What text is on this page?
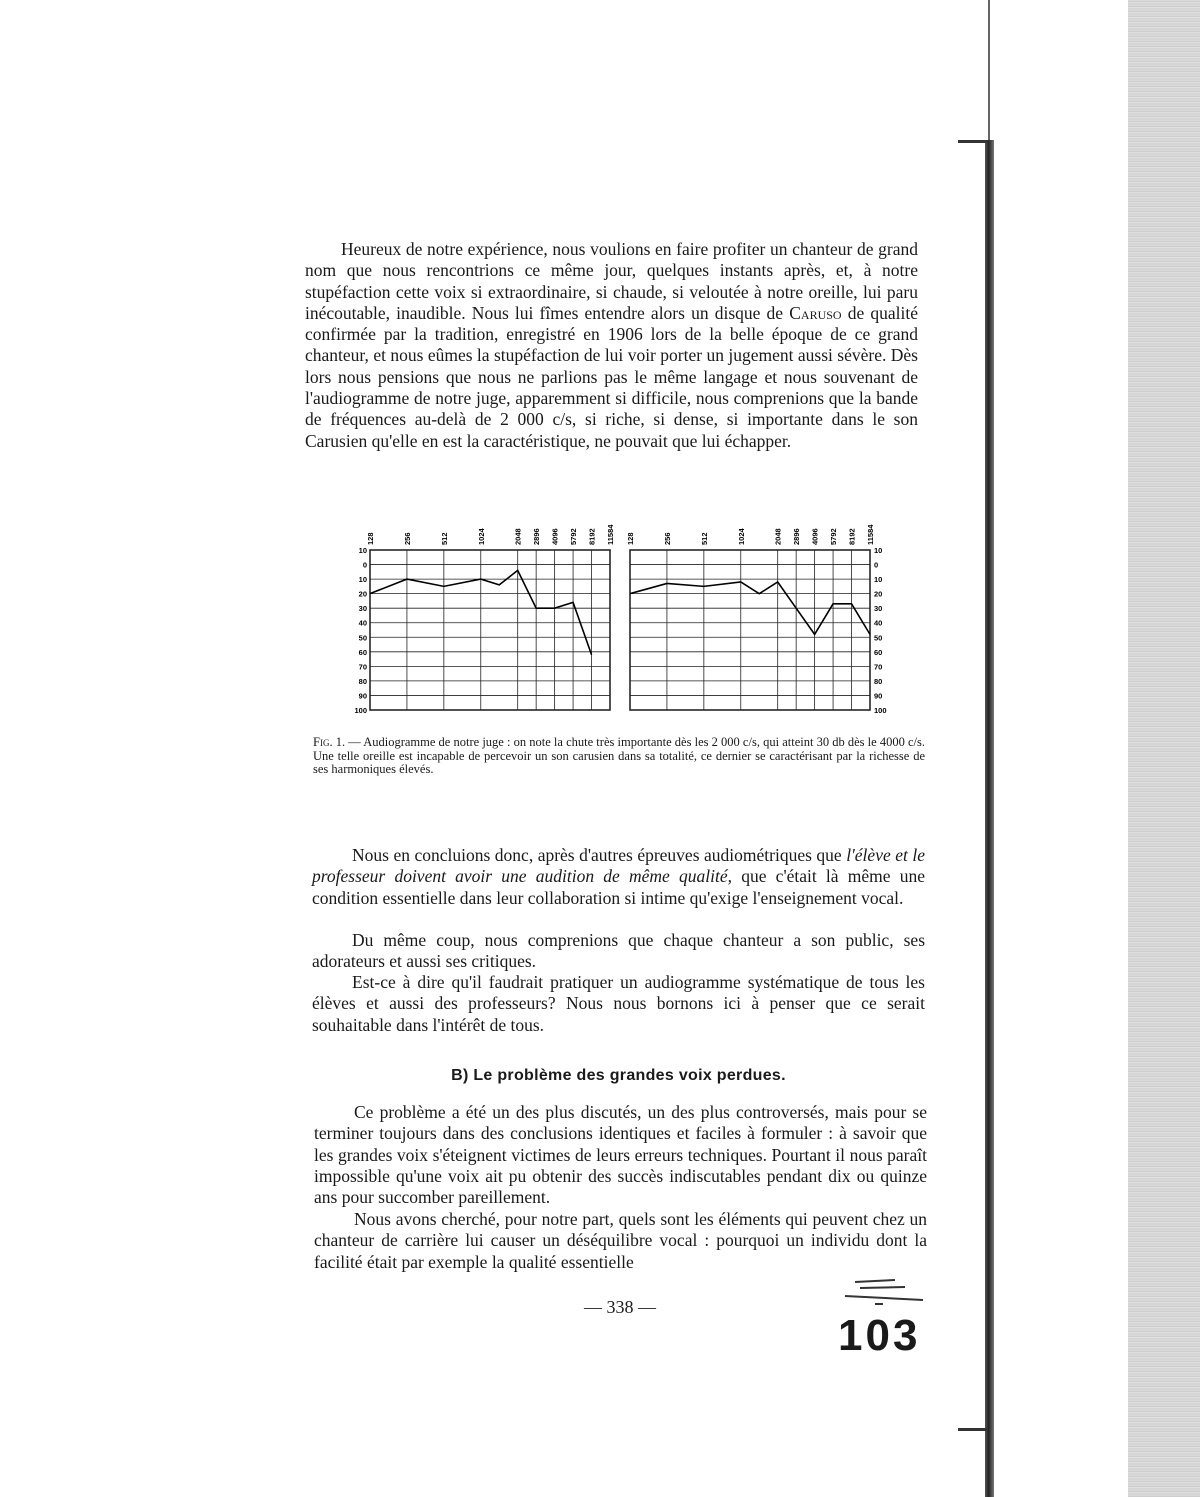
Heureux de notre expérience, nous voulions en faire profiter un chanteur de grand nom que nous rencontrions ce même jour, quelques instants après, et, à notre stupéfaction cette voix si extraordinaire, si chaude, si veloutée à notre oreille, lui paru inécoutable, inaudible. Nous lui fîmes entendre alors un disque de Caruso de qualité confirmée par la tradition, enregistré en 1906 lors de la belle époque de ce grand chanteur, et nous eûmes la stupéfaction de lui voir porter un jugement aussi sévère. Dès lors nous pensions que nous ne parlions pas le même langage et nous souvenant de l'audiogramme de notre juge, apparemment si difficile, nous comprenions que la bande de fréquences au-delà de 2 000 c/s, si riche, si dense, si importante dans le son Carusien qu'elle en est la caractéristique, ne pouvait que lui échapper.

10
0
10
20
30
40
50
60
70
80
90
100
128	256	512	1024	2048 2896 4096 5792 8192 11584
10
0
10
20
30
40
50
60
70
80
90
100
128	256	512	1024	2048 2896 4096 5792 8192 11584

Fig. 1. — Audiogramme de notre juge : on note la chute très importante dès les 2 000 c/s, qui atteint 30 db dès le 4000 c/s. Une telle oreille est incapable de percevoir un son carusien dans sa totalité, ce dernier se caractérisant par la richesse de ses harmoniques élevés.

Nous en concluions donc, après d'autres épreuves audiométriques que l'élève et le professeur doivent avoir une audition de même qualité, que c'était là même une condition essentielle dans leur collaboration si intime qu'exige l'enseignement vocal.

Du même coup, nous comprenions que chaque chanteur a son public, ses adorateurs et aussi ses critiques.

Est-ce à dire qu'il faudrait pratiquer un audiogramme systématique de tous les élèves et aussi des professeurs? Nous nous bornons ici à penser que ce serait souhaitable dans l'intérêt de tous.

B) Le problème des grandes voix perdues.

Ce problème a été un des plus discutés, un des plus controversés, mais pour se terminer toujours dans des conclusions identiques et faciles à formuler : à savoir que les grandes voix s'éteignent victimes de leurs erreurs techniques. Pourtant il nous paraît impossible qu'une voix ait pu obtenir des succès indiscutables pendant dix ou quinze ans pour succomber pareillement.

Nous avons cherché, pour notre part, quels sont les éléments qui peuvent chez un chanteur de carrière lui causer un déséquilibre vocal : pourquoi un individu dont la facilité était par exemple la qualité essentielle

— 338 —

103
